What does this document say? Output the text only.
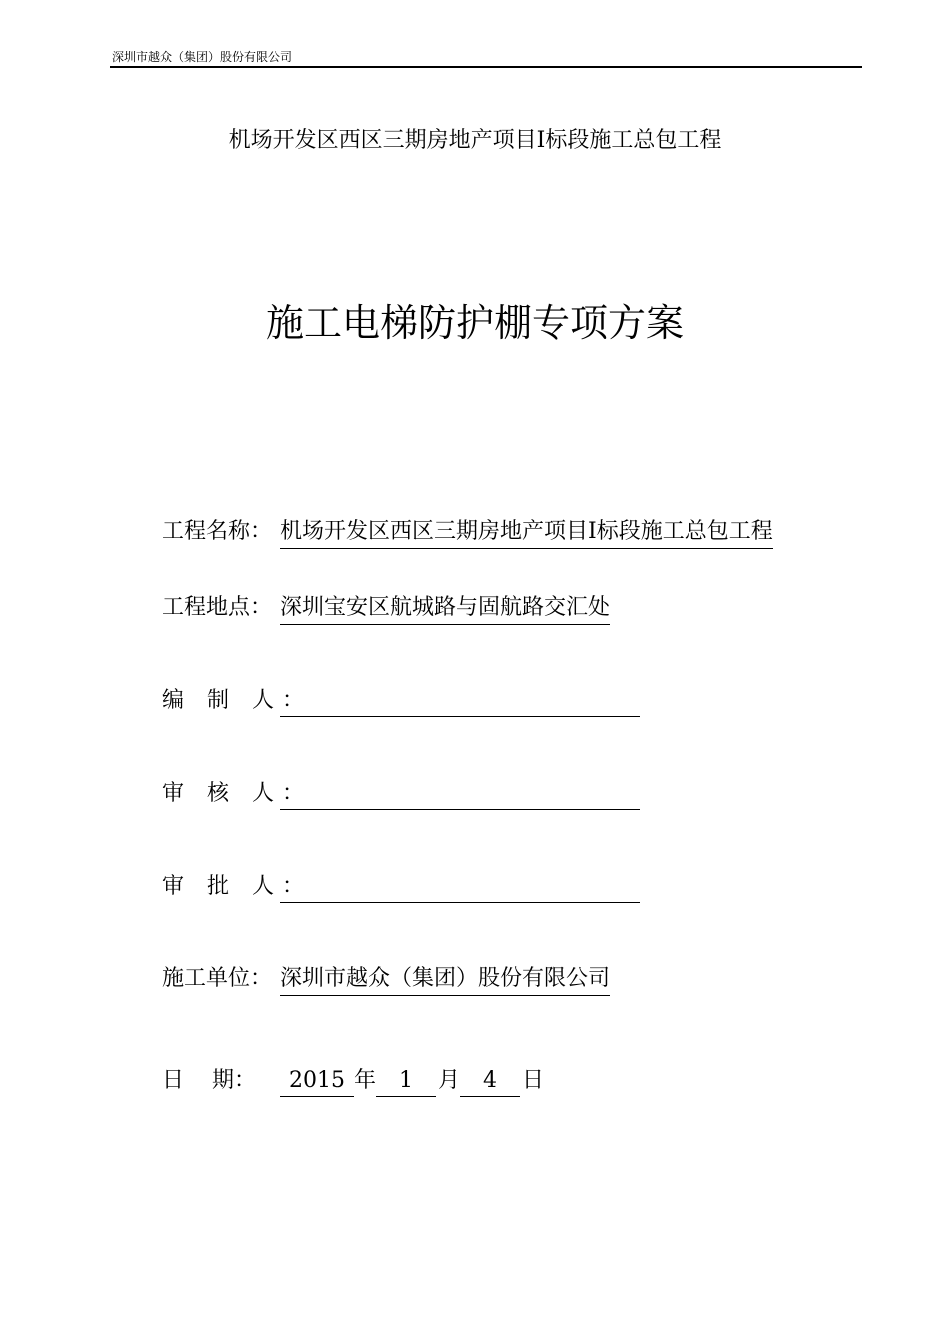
深圳市越众（集团）股份有限公司
机场开发区西区三期房地产项目Ⅰ标段施工总包工程
施工电梯防护棚专项方案
工程名称： 机场开发区西区三期房地产项目Ⅰ标段施工总包工程
工程地点： 深圳宝安区航城路与固航路交汇处
编 制 人：
审 核 人：
审 批 人：
施工单位： 深圳市越众（集团）股份有限公司
日    期：	2015 年	1	月	4	日
